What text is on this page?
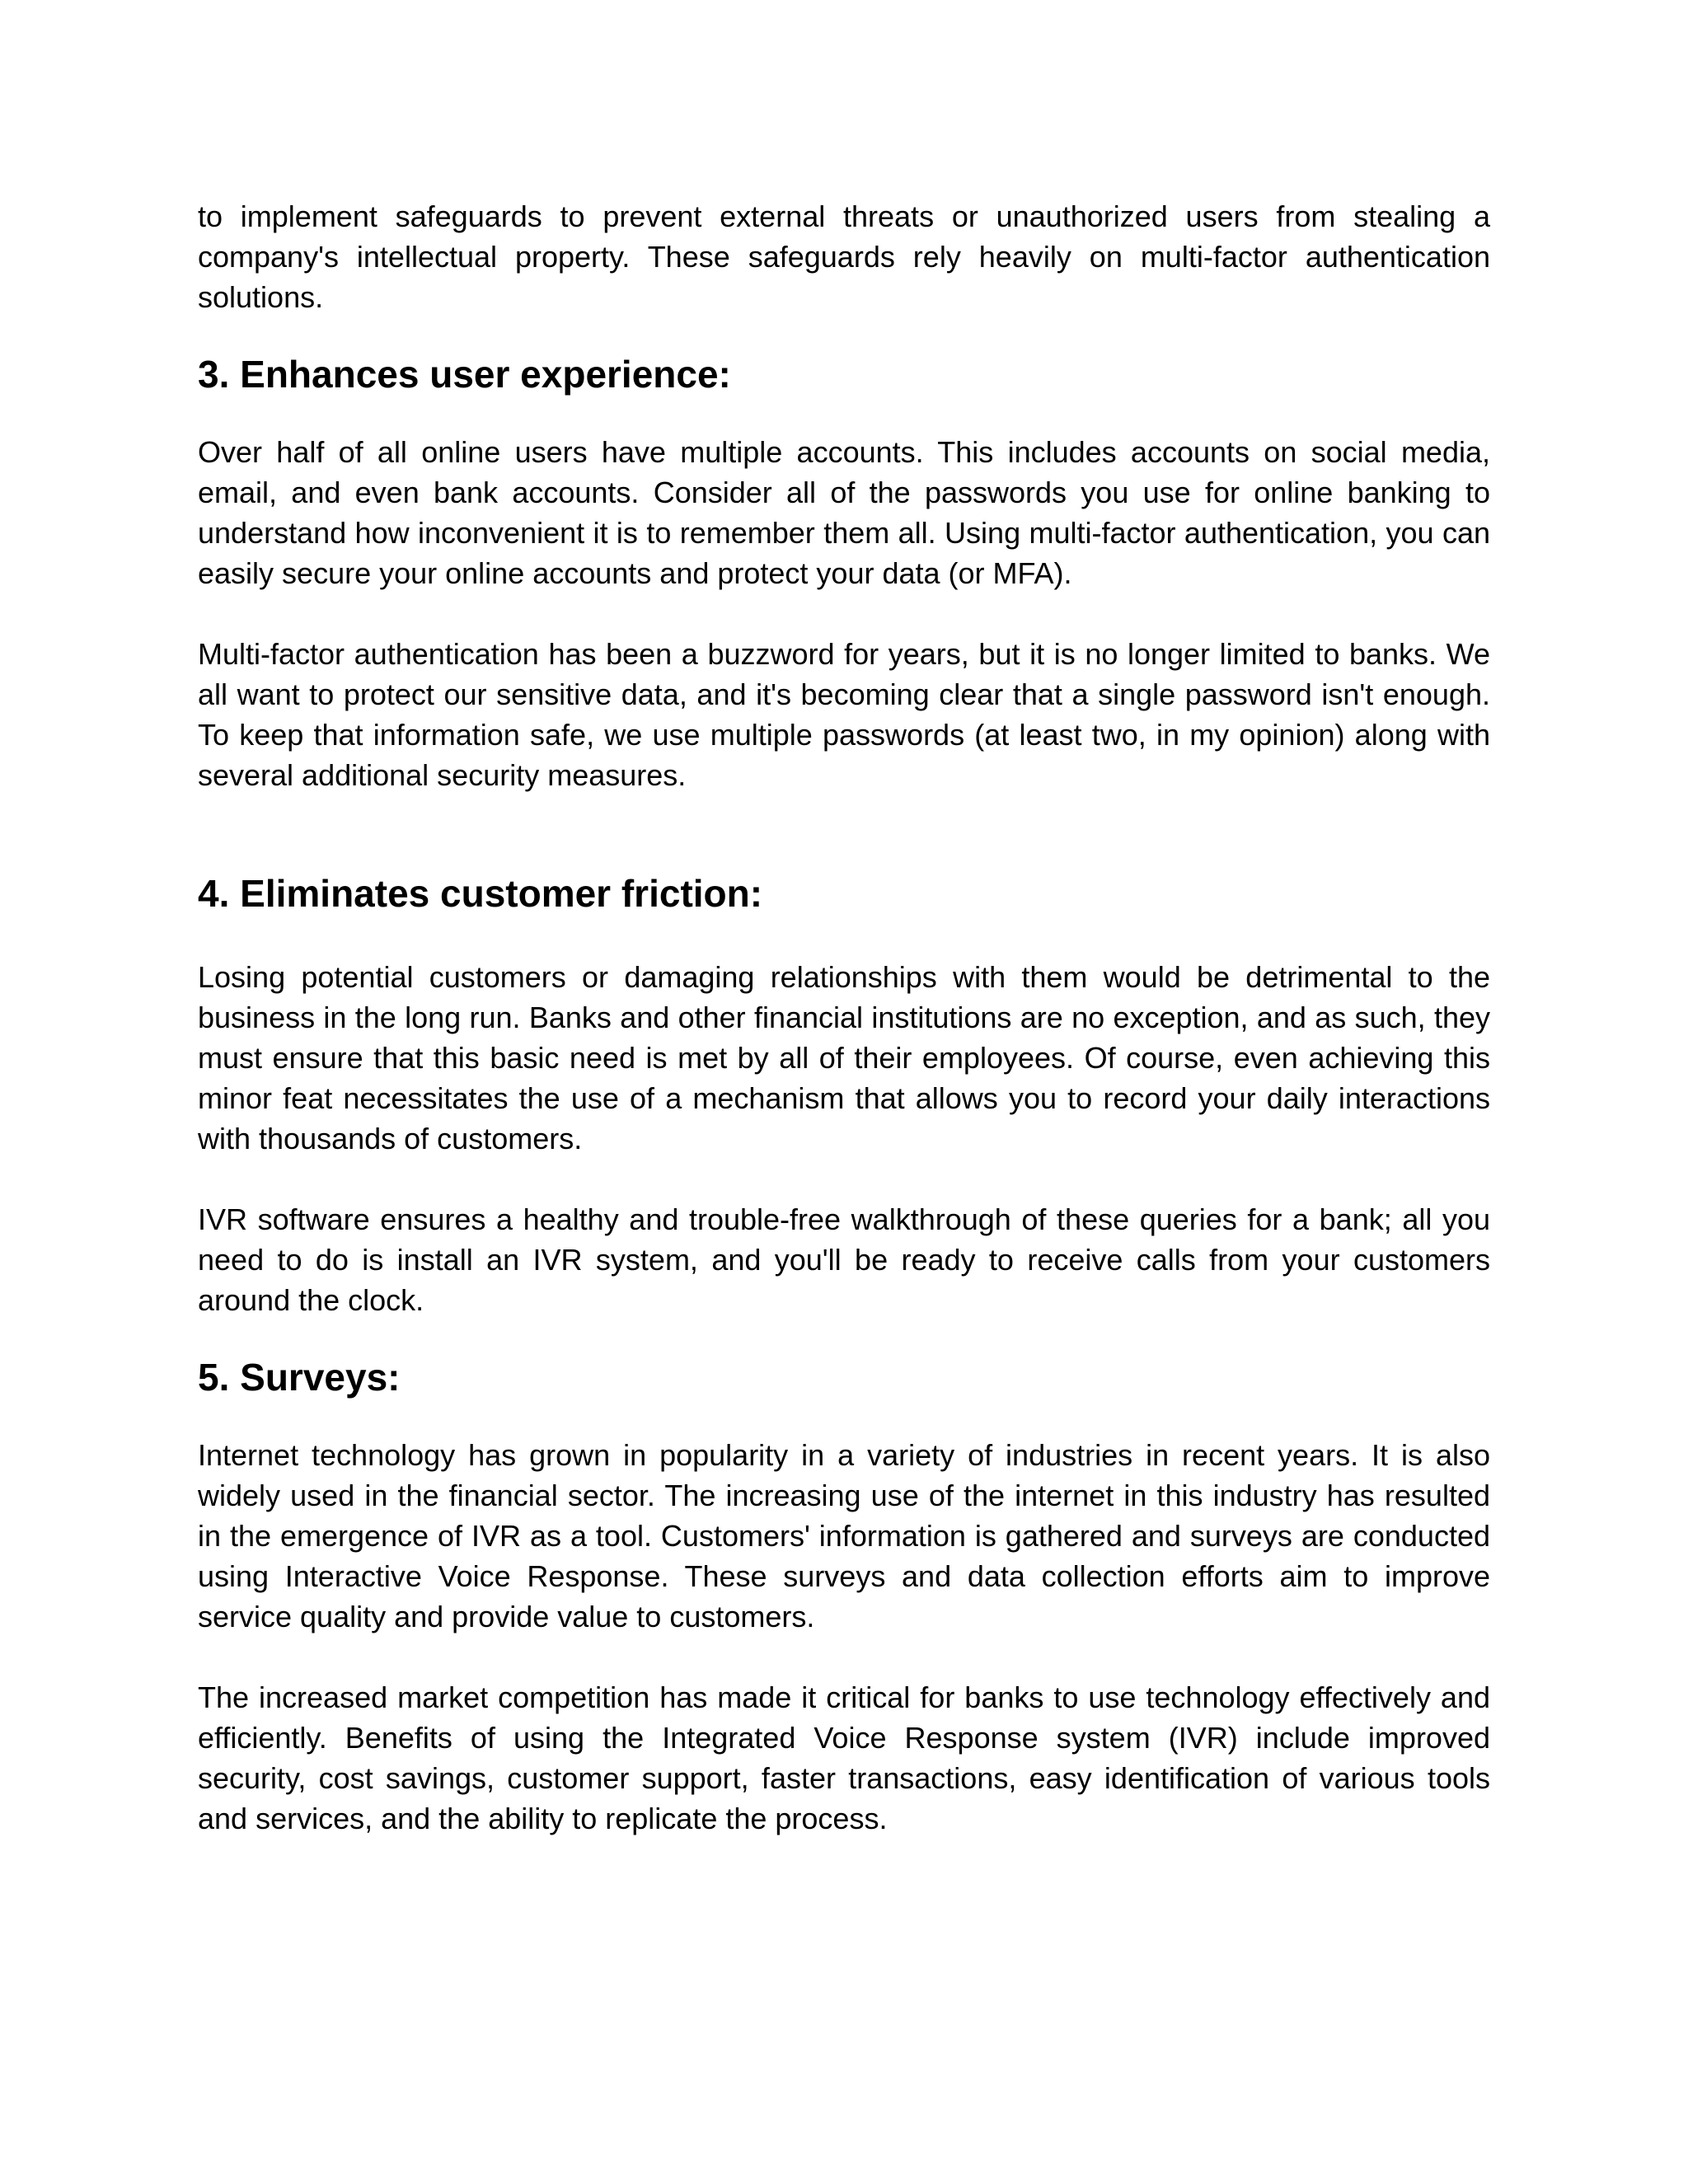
to implement safeguards to prevent external threats or unauthorized users from stealing a company's intellectual property. These safeguards rely heavily on multi-factor authentication solutions.

3. Enhances user experience:

Over half of all online users have multiple accounts. This includes accounts on social media, email, and even bank accounts. Consider all of the passwords you use for online banking to understand how inconvenient it is to remember them all. Using multi-factor authentication, you can easily secure your online accounts and protect your data (or MFA).

Multi-factor authentication has been a buzzword for years, but it is no longer limited to banks. We all want to protect our sensitive data, and it's becoming clear that a single password isn't enough. To keep that information safe, we use multiple passwords (at least two, in my opinion) along with several additional security measures.

4. Eliminates customer friction:

Losing potential customers or damaging relationships with them would be detrimental to the business in the long run. Banks and other financial institutions are no exception, and as such, they must ensure that this basic need is met by all of their employees. Of course, even achieving this minor feat necessitates the use of a mechanism that allows you to record your daily interactions with thousands of customers.

IVR software ensures a healthy and trouble-free walkthrough of these queries for a bank; all you need to do is install an IVR system, and you'll be ready to receive calls from your customers around the clock.

5. Surveys:

Internet technology has grown in popularity in a variety of industries in recent years. It is also widely used in the financial sector. The increasing use of the internet in this industry has resulted in the emergence of IVR as a tool. Customers' information is gathered and surveys are conducted using Interactive Voice Response. These surveys and data collection efforts aim to improve service quality and provide value to customers.

The increased market competition has made it critical for banks to use technology effectively and efficiently. Benefits of using the Integrated Voice Response system (IVR) include improved security, cost savings, customer support, faster transactions, easy identification of various tools and services, and the ability to replicate the process.
